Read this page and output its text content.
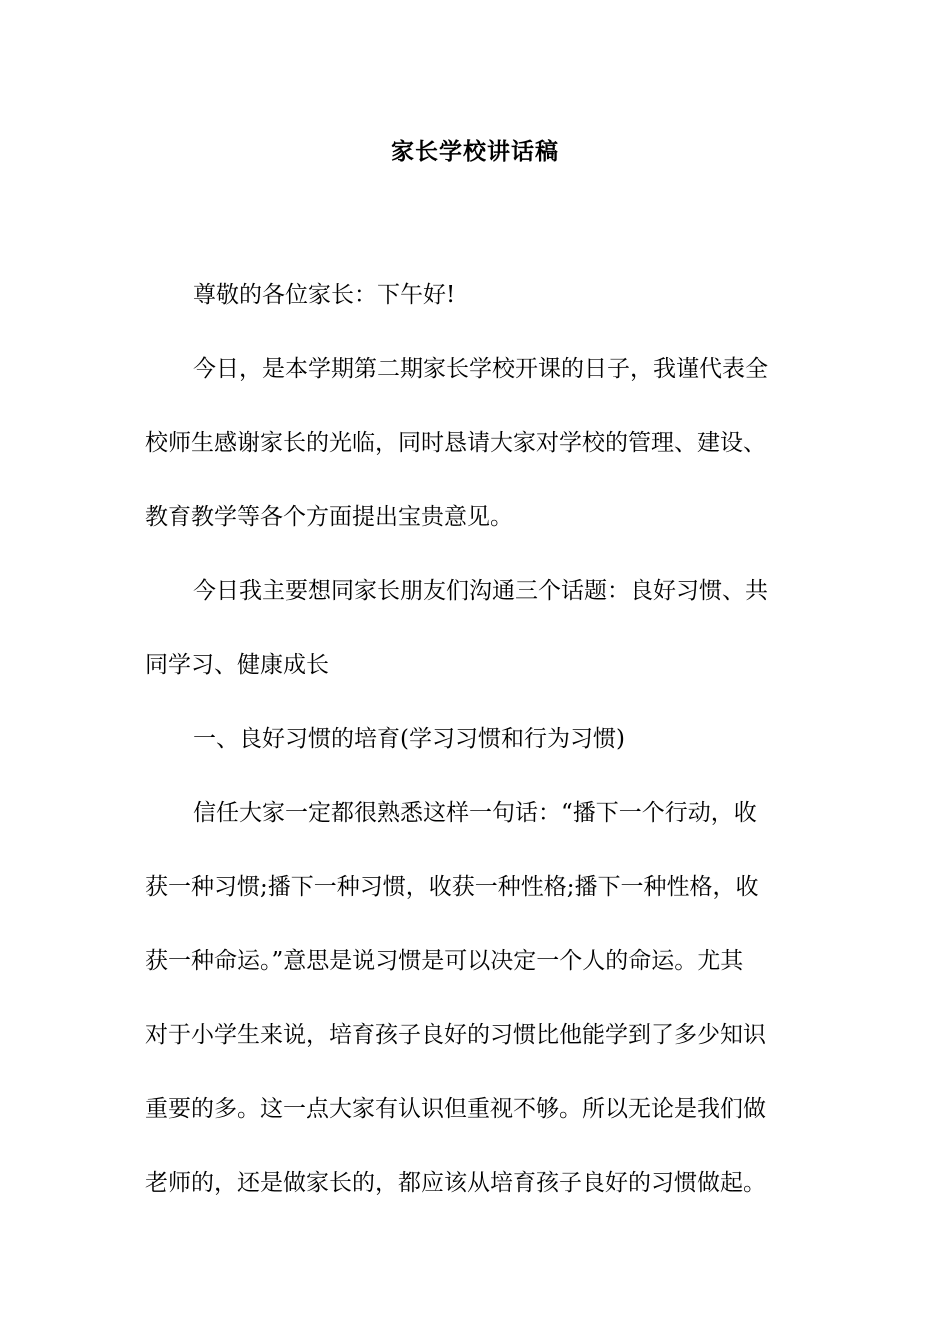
家长学校讲话稿
尊敬的各位家长：下午好!
今日，是本学期第二期家长学校开课的日子，我谨代表全
校师生感谢家长的光临，同时恳请大家对学校的管理、建设、
教育教学等各个方面提出宝贵意见。
今日我主要想同家长朋友们沟通三个话题：良好习惯、共
同学习、健康成长
一、良好习惯的培育(学习习惯和行为习惯)
信任大家一定都很熟悉这样一句话：“播下一个行动，收
获一种习惯;播下一种习惯，收获一种性格;播下一种性格，收
获一种命运。”意思是说习惯是可以决定一个人的命运。尤其
对于小学生来说，培育孩子良好的习惯比他能学到了多少知识
重要的多。这一点大家有认识但重视不够。所以无论是我们做
老师的，还是做家长的，都应该从培育孩子良好的习惯做起。
